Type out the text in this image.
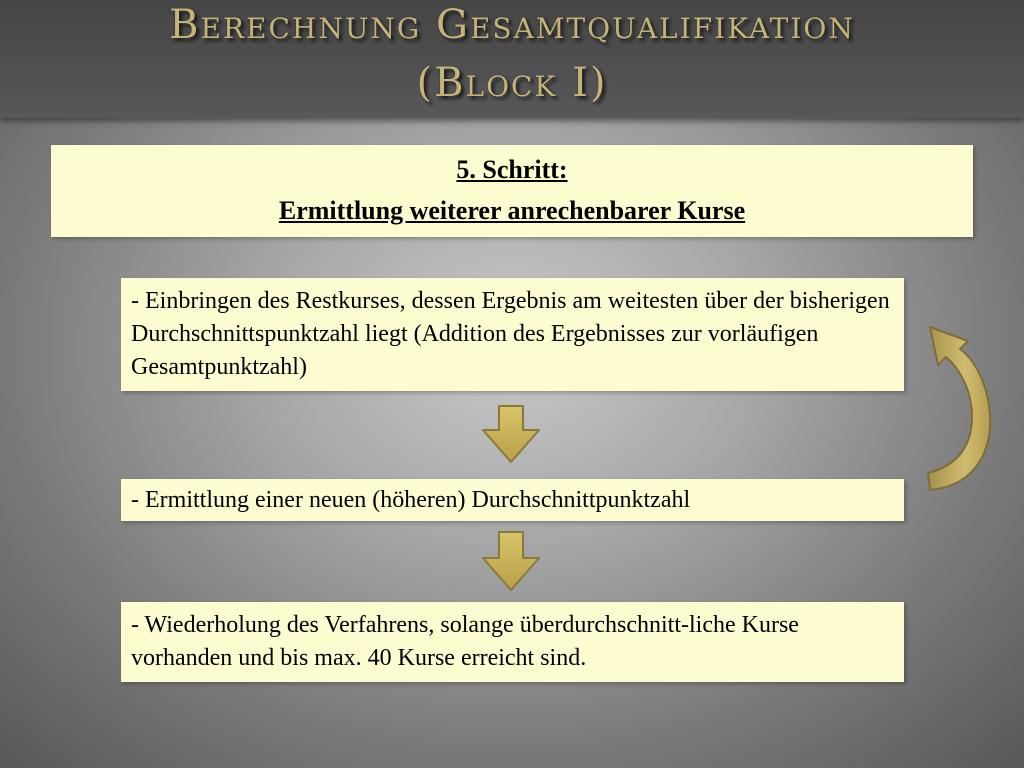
Berechnung Gesamtqualifikation
(Block I)
5. Schritt:
Ermittlung weiterer anrechenbarer Kurse
- Einbringen des Restkurses, dessen Ergebnis am weitesten über der bisherigen Durchschnittspunktzahl liegt (Addition des Ergebnisses zur vorläufigen Gesamtpunktzahl)
- Ermittlung einer neuen (höheren) Durchschnittpunktzahl
- Wiederholung des Verfahrens, solange überdurchschnitt-liche Kurse vorhanden und bis max. 40 Kurse erreicht sind.
